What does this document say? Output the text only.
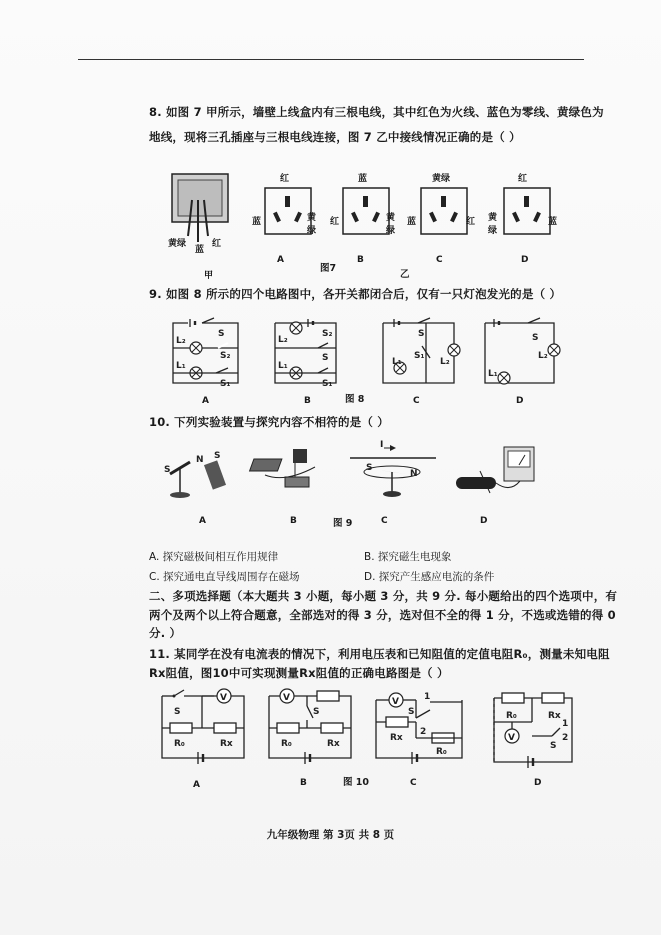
8. 如图 7 甲所示，墙壁上线盒内有三根电线，其中红色为火线、蓝色为零线、黄绿色为
地线，现将三孔插座与三根电线连接，图 7 乙中接线情况正确的是（ ）
黄绿
蓝
红
甲
红
蓝	黄绿
A
蓝
红	黄绿
B
黄绿
蓝	红
C
红
黄绿
蓝
D
图7
乙
9. 如图 8 所示的四个电路图中，各开关都闭合后，仅有一只灯泡发光的是（ ）
S
S₂
S₁
L₂
L₁
S₂
S
S₁
L₂
L₁
S
S₁
L₂
L₁
S
L₂
L₁
A	B	图 8	C	D
10. 下列实验装置与探究内容不相符的是（ ）
S
N S
S
N
I
A	B	图 9	C	D
A. 探究磁极间相互作用规律	B. 探究磁生电现象
C. 探究通电直导线周围存在磁场	D. 探究产生感应电流的条件
二、多项选择题（本大题共 3 小题，每小题 3 分，共 9 分. 每小题给出的四个选项中，有
两个及两个以上符合题意，全部选对的得 3 分，选对但不全的得 1 分，不选或选错的得 0
分. ）
11. 某同学在没有电流表的情况下，利用电压表和已知阻值的定值电阻R₀，测量未知电阻
Rx阻值，图10中可实现测量Rx阻值的正确电路图是（ ）
V
S
R₀	Rx
V
S
R₀	Rx
V	1
2
S
Rx
R₀
V
R₀	Rx
S
1
2
A	B	图 10	C	D
九年级物理 第 3页 共 8 页
